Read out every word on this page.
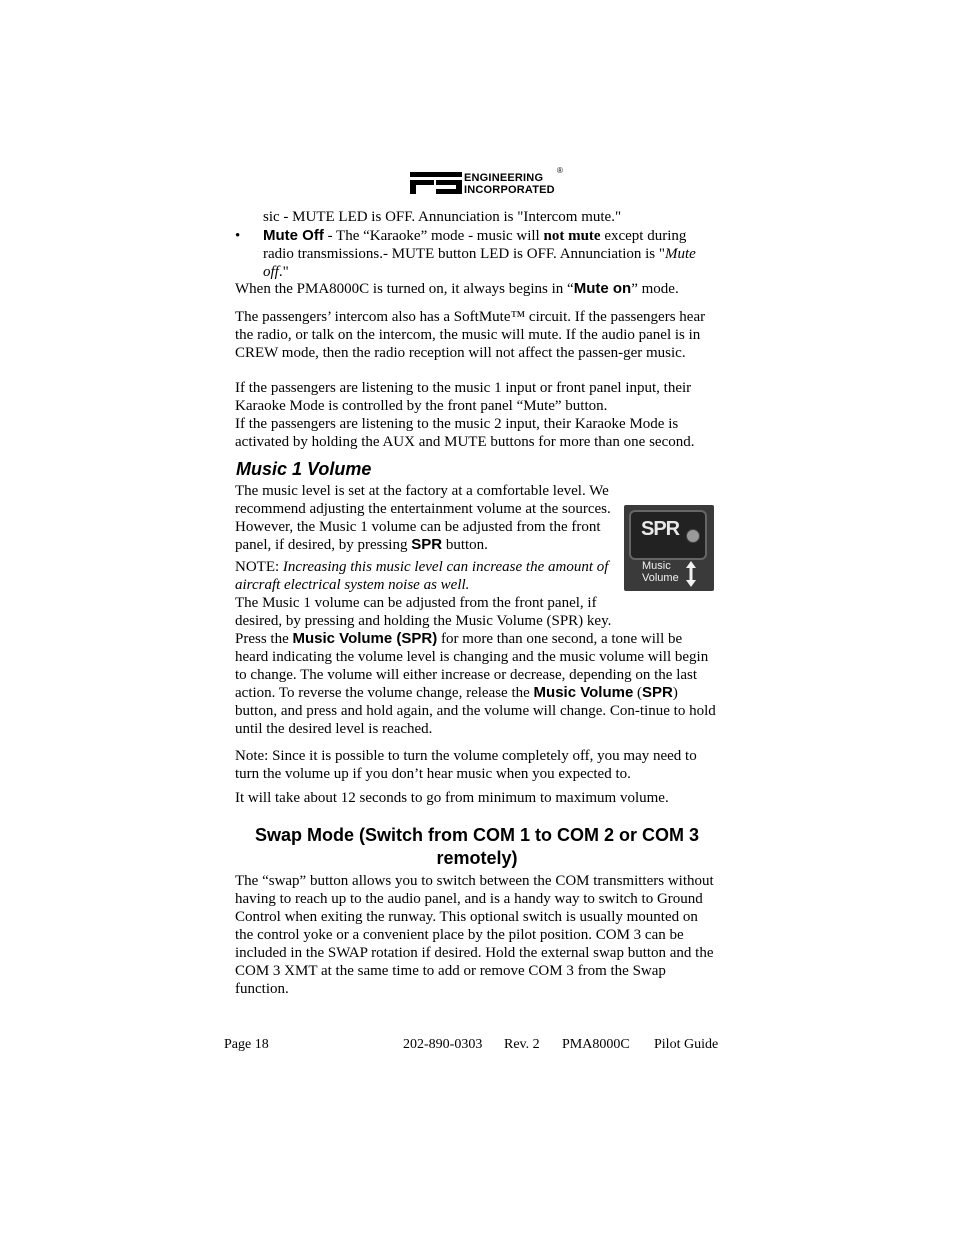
ENGINEERING
INCORPORATED
®

sic - MUTE LED is OFF. Annunciation is "Intercom mute."

• Mute Off - The “Karaoke” mode - music will not mute except during radio transmissions.- MUTE button LED is OFF. Annunciation is "Mute off."

When the PMA8000C is turned on, it always begins in “Mute on” mode.

The passengers’ intercom also has a SoftMute™ circuit. If the passengers hear the radio, or talk on the intercom, the music will mute. If the audio panel is in CREW mode, then the radio reception will not affect the passen-ger music.

If the passengers are listening to the music 1 input or front panel input, their Karaoke Mode is controlled by the front panel “Mute” button.

If the passengers are listening to the music 2 input, their Karaoke Mode is activated by holding the AUX and MUTE buttons for more than one second.

Music 1 Volume

The music level is set at the factory at a comfortable level. We recommend adjusting the entertainment volume at the sources. However, the Music 1 volume can be adjusted from the front panel, if desired, by pressing SPR button.

NOTE: Increasing this music level can increase the amount of aircraft electrical system noise as well.

The Music 1 volume can be adjusted from the front panel, if desired, by pressing and holding the Music Volume (SPR) key.

Press the Music Volume (SPR) for more than one second, a tone will be heard indicating the volume level is changing and the music volume will begin to change. The volume will either increase or decrease, depending on the last action. To reverse the volume change, release the Music Volume (SPR) button, and press and hold again, and the volume will change. Con-tinue to hold until the desired level is reached.

Note: Since it is possible to turn the volume completely off, you may need to turn the volume up if you don’t hear music when you expected to.

It will take about 12 seconds to go from minimum to maximum volume.

SPR
Music
Volume
Swap Mode (Switch from COM 1 to COM 2 or COM 3 remotely)

The “swap” button allows you to switch between the COM transmitters without having to reach up to the audio panel, and is a handy way to switch to Ground Control when exiting the runway. This optional switch is usually mounted on the control yoke or a convenient place by the pilot position. COM 3 can be included in the SWAP rotation if desired. Hold the external swap button and the COM 3 XMT at the same time to add or remove COM 3 from the Swap function.

Page 18	202-890-0303 Rev. 2 PMA8000C Pilot Guide
